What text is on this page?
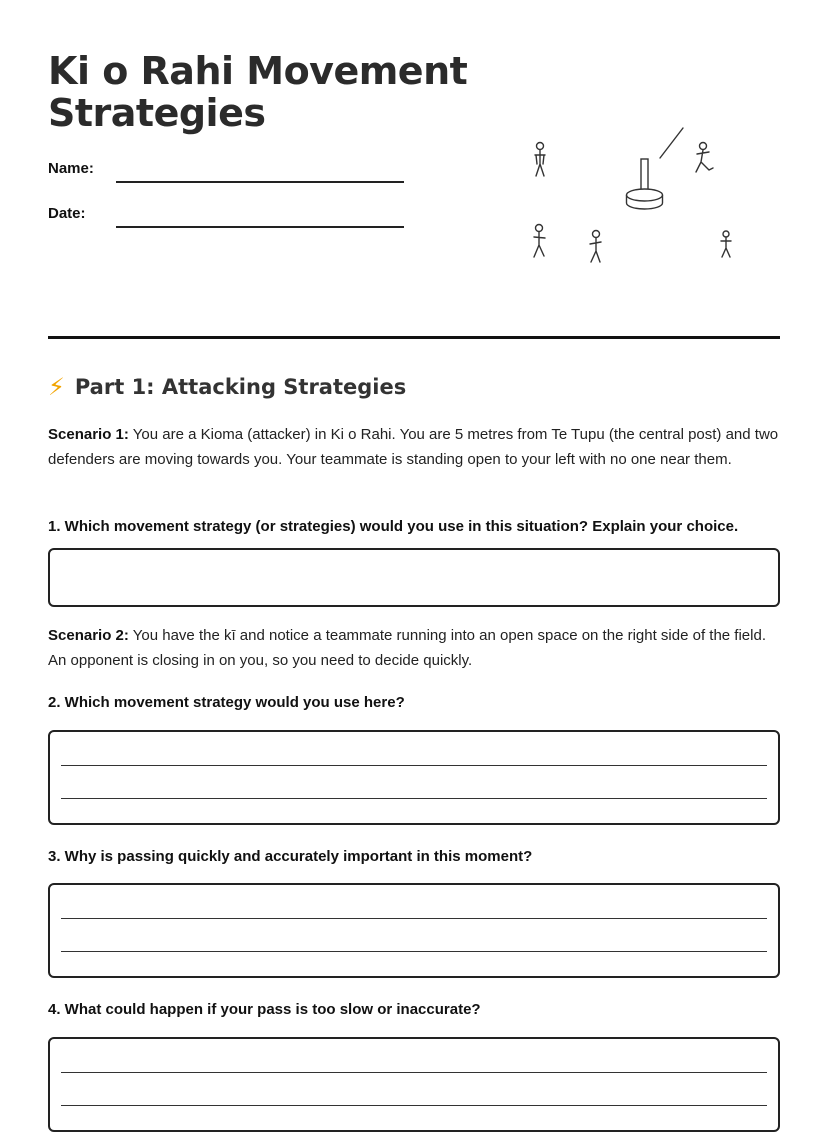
Ki o Rahi Movement
Strategies
Name:
Date:
⚡ Part 1: Attacking Strategies

Scenario 1: You are a Kioma (attacker) in Ki o Rahi. You are 5 metres from Te Tupu (the central post) and two defenders are moving towards you. Your teammate is standing open to your left with no one near them.

1. Which movement strategy (or strategies) would you use in this situation? Explain your choice.

Scenario 2: You have the kī and notice a teammate running into an open space on the right side of the field. An opponent is closing in on you, so you need to decide quickly.

2. Which movement strategy would you use here?

3. Why is passing quickly and accurately important in this moment?

4. What could happen if your pass is too slow or inaccurate?
